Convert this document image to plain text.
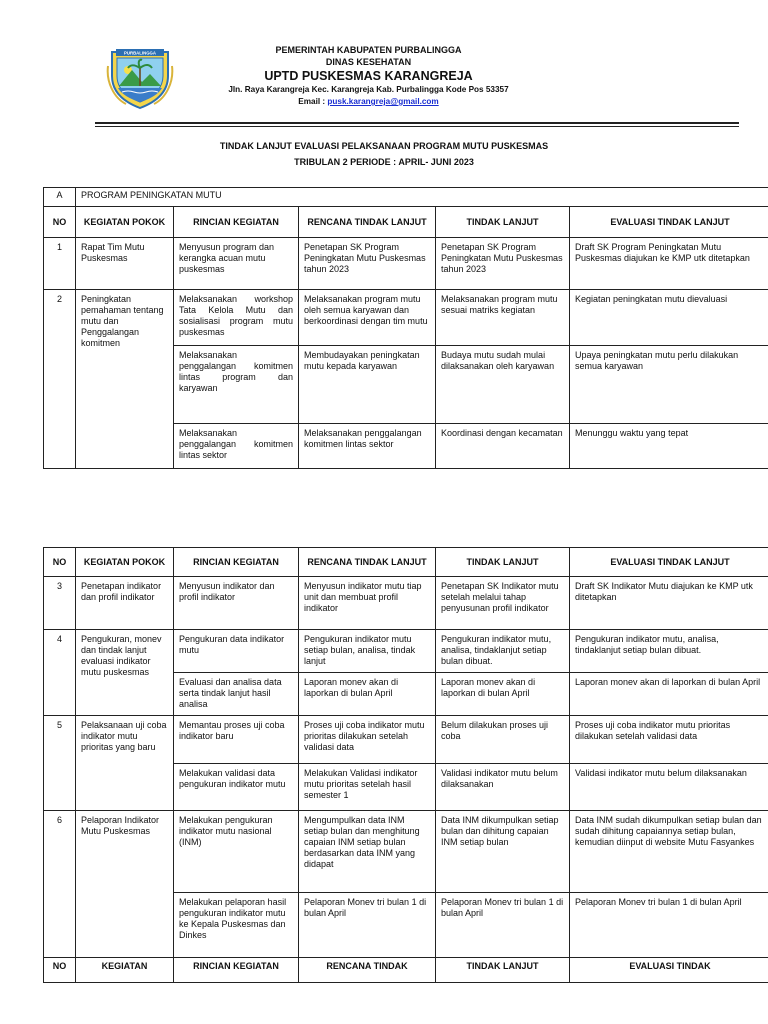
PURBALINGGA	PEMERINTAH KABUPATEN PURBALINGGA
DINAS KESEHATAN
UPTD PUSKESMAS KARANGREJA
Jln. Raya Karangreja Kec. Karangreja Kab. Purbalingga Kode Pos 53357
Email : pusk.karangreja@gmail.com
TINDAK LANJUT EVALUASI PELAKSANAAN PROGRAM MUTU PUSKESMAS
TRIBULAN 2 PERIODE : APRIL- JUNI 2023
A	PROGRAM PENINGKATAN MUTU				
NO	KEGIATAN POKOK	RINCIAN KEGIATAN	RENCANA TINDAK LANJUT	TINDAK LANJUT	EVALUASI TINDAK LANJUT
1	Rapat Tim Mutu Puskesmas	Menyusun program dan kerangka acuan mutu puskesmas	Penetapan SK Program Peningkatan Mutu Puskesmas tahun 2023	Penetapan SK Program Peningkatan Mutu Puskesmas tahun 2023	Draft SK Program Peningkatan Mutu Puskesmas diajukan ke KMP utk ditetapkan
2	Peningkatan pemahaman tentang mutu dan Penggalangan komitmen	Melaksanakan workshop Tata Kelola Mutu dan sosialisasi program mutu puskesmas	Melaksanakan program mutu oleh semua karyawan dan berkoordinasi dengan tim mutu	Melaksanakan program mutu sesuai matriks kegiatan	Kegiatan peningkatan mutu dievaluasi
		Melaksanakan penggalangan komitmen lintas program dan karyawan	Membudayakan peningkatan mutu kepada karyawan	Budaya mutu sudah mulai dilaksanakan oleh karyawan	Upaya peningkatan mutu perlu dilakukan semua karyawan
		Melaksanakan penggalangan komitmen lintas sektor	Melaksanakan penggalangan komitmen lintas sektor	Koordinasi dengan kecamatan	Menunggu waktu yang tepat
NO	KEGIATAN POKOK	RINCIAN KEGIATAN	RENCANA TINDAK LANJUT	TINDAK LANJUT	EVALUASI TINDAK LANJUT
3	Penetapan indikator dan profil indikator	Menyusun indikator dan profil indikator	Menyusun indikator mutu tiap unit dan membuat profil indikator	Penetapan SK Indikator mutu setelah melalui tahap penyusunan profil indikator	Draft SK Indikator Mutu diajukan ke KMP utk ditetapkan
4	Pengukuran, monev dan tindak lanjut evaluasi indikator mutu puskesmas	Pengukuran data indikator mutu	Pengukuran indikator mutu setiap bulan, analisa, tindak lanjut	Pengukuran indikator mutu, analisa, tindaklanjut setiap bulan dibuat.	Pengukuran indikator mutu, analisa, tindaklanjut setiap bulan dibuat.
		Evaluasi dan analisa data serta tindak lanjut hasil analisa	Laporan monev akan di laporkan di bulan April	Laporan monev akan di laporkan di bulan April	Laporan monev akan di laporkan di bulan April
5	Pelaksanaan uji coba indikator mutu prioritas yang baru	Memantau proses uji coba indikator baru	Proses uji coba indikator mutu prioritas dilakukan setelah validasi data	Belum dilakukan proses uji coba	Proses uji coba indikator mutu prioritas dilakukan setelah validasi data
		Melakukan validasi data pengukuran indikator mutu	Melakukan Validasi indikator mutu prioritas setelah hasil semester 1	Validasi indikator mutu belum dilaksanakan	Validasi indikator mutu belum dilaksanakan
6	Pelaporan Indikator Mutu Puskesmas	Melakukan pengukuran indikator mutu nasional (INM)	Mengumpulkan data INM setiap bulan dan menghitung capaian INM setiap bulan berdasarkan data INM yang didapat	Data INM dikumpulkan setiap bulan dan dihitung capaian INM setiap bulan	Data INM sudah dikumpulkan setiap bulan dan sudah dihitung capaiannya setiap bulan, kemudian diinput di website Mutu Fasyankes
		Melakukan pelaporan hasil pengukuran indikator mutu ke Kepala Puskesmas dan Dinkes	Pelaporan Monev tri bulan 1 di bulan April	Pelaporan Monev tri bulan 1 di bulan April	Pelaporan Monev tri bulan 1 di bulan April
NO	KEGIATAN	RINCIAN KEGIATAN	RENCANA TINDAK	TINDAK LANJUT	EVALUASI TINDAK
